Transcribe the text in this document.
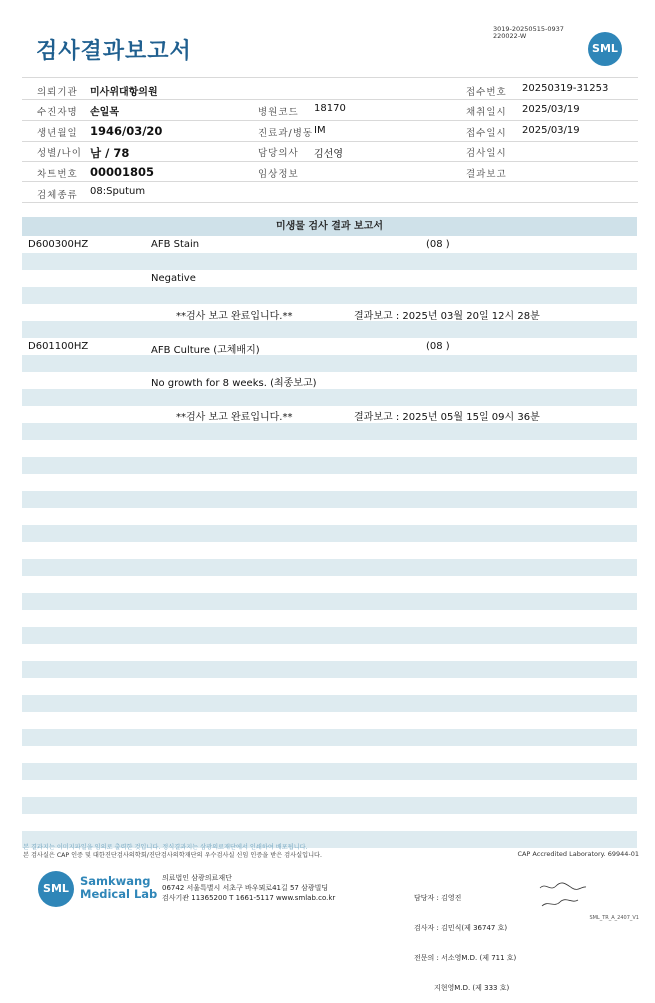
검사결과보고서
3019-20250515-0937
220022-W
SML
의뢰기관 미사위대항의원	접수번호 20250319-31253
수진자명 손일목	병원코드 18170	채취일시 2025/03/19
생년월일 1946/03/20	진료과/병동 IM	접수일시 2025/03/19
성별/나이 남 / 78	담당의사 김선영	검사일시
차트번호 00001805	임상정보	결과보고
검체종류 08:Sputum
미생물 검사 결과 보고서
D600300HZ	AFB Stain	(08 )
Negative
**검사 보고 완료입니다.**	결과보고 : 2025년 03월 20일 12시 28분
D601100HZ	AFB Culture (고체배지)	(08 )
No growth for 8 weeks. (최종보고)
**검사 보고 완료입니다.**	결과보고 : 2025년 05월 15일 09시 36분
본 결과지는 이미지파일을 임의로 출력한 것입니다. 정식결과지는 삼광의료재단에서 인쇄하여 배포됩니다.
본 검사실은 CAP 인증 및 대한진단검사의학회/진단검사의학재단의 우수검사실 신임 인증을 받은 검사실입니다.	CAP Accredited Laboratory. 69944-01
SML
Samkwang
Medical Lab
의료법인 삼광의료재단
06742 서울특별시 서초구 바우뫼로41길 57 삼광빌딩
검사기관 11365200 T 1661-5117 www.smlab.co.kr

	담당자 : 김영진

검사자 : 김민식(제 36747 호)

전문의 : 서소영M.D. (제 711 호)

지현영M.D. (제 333 호)

SML_TR_A_2407_V1
